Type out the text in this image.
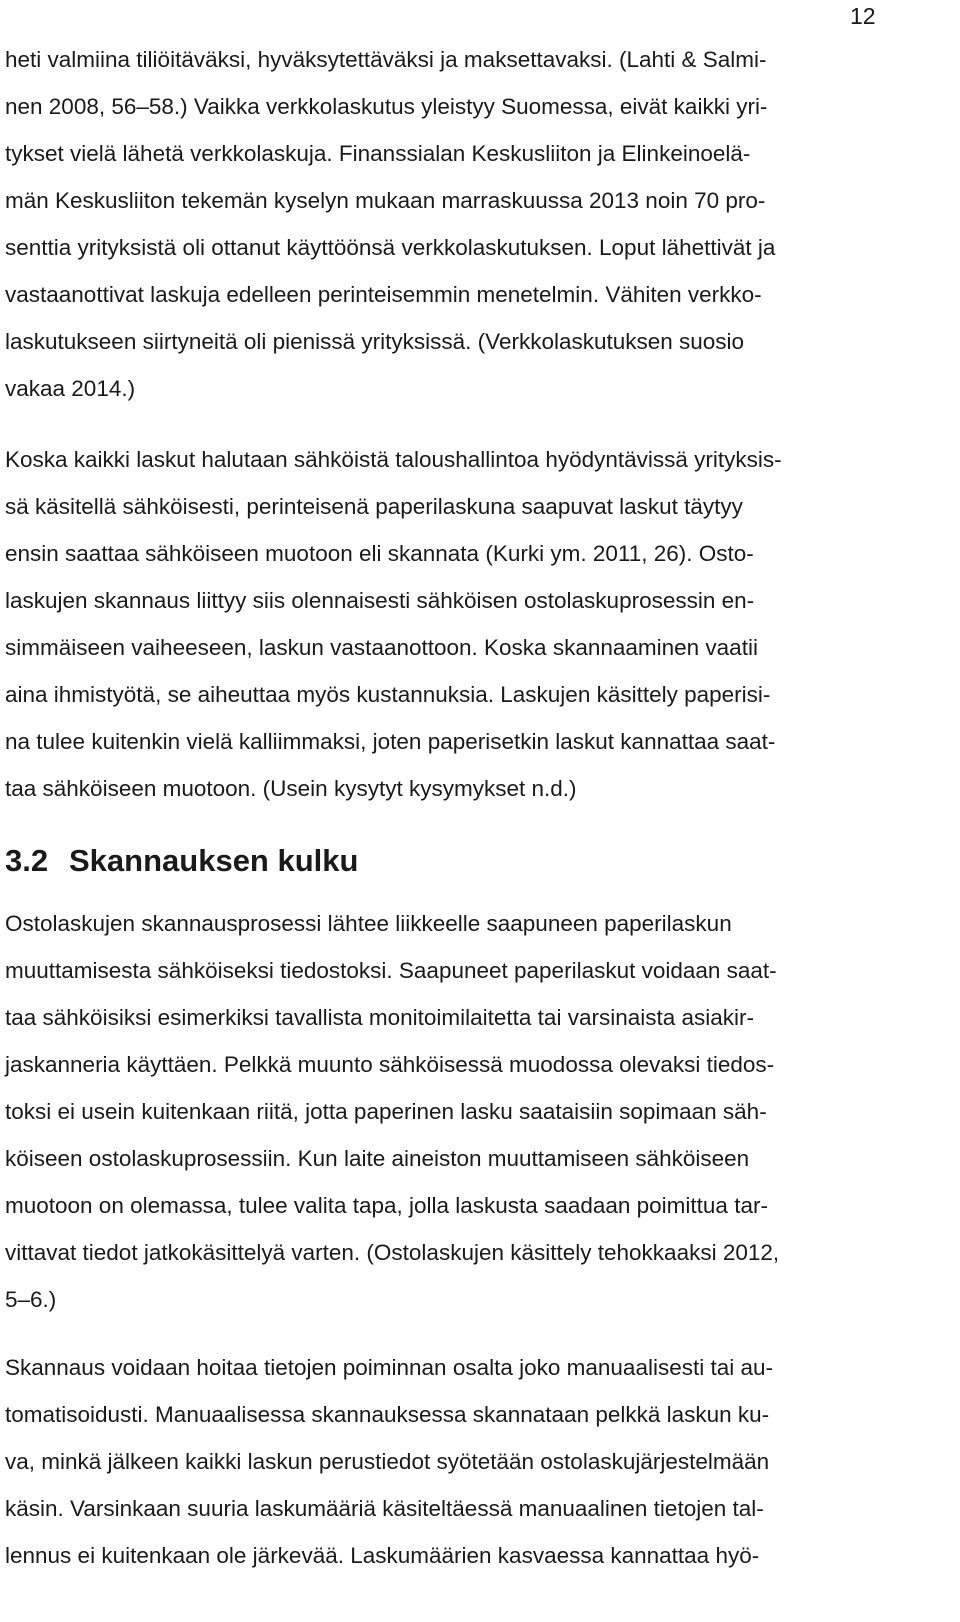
12
heti valmiina tiliöitäväksi, hyväksytettäväksi ja maksettavaksi. (Lahti & Salmi-
nen 2008, 56–58.) Vaikka verkkolaskutus yleistyy Suomessa, eivät kaikki yri-
tykset vielä lähetä verkkolaskuja. Finanssialan Keskusliiton ja Elinkeinoelä-
män Keskusliiton tekemän kyselyn mukaan marraskuussa 2013 noin 70 pro-
senttia yrityksistä oli ottanut käyttöönsä verkkolaskutuksen. Loput lähettivät ja
vastaanottivat laskuja edelleen perinteisemmin menetelmin. Vähiten verkko-
laskutukseen siirtyneitä oli pienissä yrityksissä. (Verkkolaskutuksen suosio
vakaa 2014.)
Koska kaikki laskut halutaan sähköistä taloushallintoa hyödyntävissä yrityksis-
sä käsitellä sähköisesti, perinteisenä paperilaskuna saapuvat laskut täytyy
ensin saattaa sähköiseen muotoon eli skannata (Kurki ym. 2011, 26). Osto-
laskujen skannaus liittyy siis olennaisesti sähköisen ostolaskuprosessin en-
simmäiseen vaiheeseen, laskun vastaanottoon. Koska skannaaminen vaatii
aina ihmistyötä, se aiheuttaa myös kustannuksia. Laskujen käsittely paperisi-
na tulee kuitenkin vielä kalliimmaksi, joten paperisetkin laskut kannattaa saat-
taa sähköiseen muotoon. (Usein kysytyt kysymykset n.d.)
3.2 Skannauksen kulku
Ostolaskujen skannausprosessi lähtee liikkeelle saapuneen paperilaskun
muuttamisesta sähköiseksi tiedostoksi. Saapuneet paperilaskut voidaan saat-
taa sähköisiksi esimerkiksi tavallista monitoimilaitetta tai varsinaista asiakir-
jaskanneria käyttäen. Pelkkä muunto sähköisessä muodossa olevaksi tiedos-
toksi ei usein kuitenkaan riitä, jotta paperinen lasku saataisiin sopimaan säh-
köiseen ostolaskuprosessiin. Kun laite aineiston muuttamiseen sähköiseen
muotoon on olemassa, tulee valita tapa, jolla laskusta saadaan poimittua tar-
vittavat tiedot jatkokäsittelyä varten. (Ostolaskujen käsittely tehokkaaksi 2012,
5–6.)
Skannaus voidaan hoitaa tietojen poiminnan osalta joko manuaalisesti tai au-
tomatisoidusti. Manuaalisessa skannauksessa skannataan pelkkä laskun ku-
va, minkä jälkeen kaikki laskun perustiedot syötetään ostolaskujärjestelmään
käsin. Varsinkaan suuria laskumääriä käsiteltäessä manuaalinen tietojen tal-
lennus ei kuitenkaan ole järkevää. Laskumäärien kasvaessa kannattaa hyö-
